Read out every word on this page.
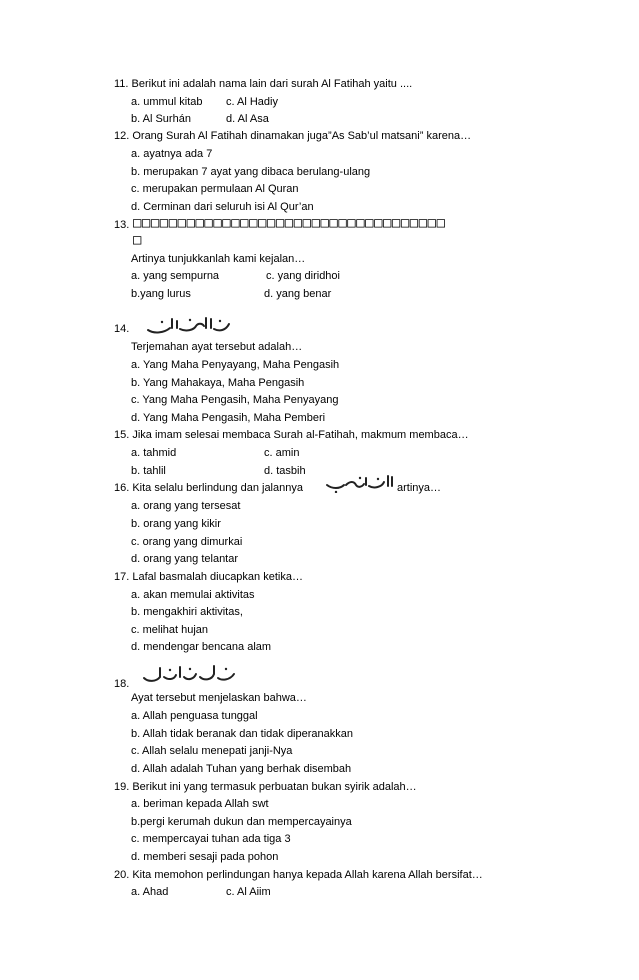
11. Berikut ini adalah nama lain dari surah Al Fatihah yaitu ....
a. ummul kitab c. Al Hadiy
b. Al Surhán	d. Al Asa
12. Orang Surah Al Fatihah dinamakan juga”As Sab’ul matsani” karena…
a. ayatnya ada 7
b. merupakan 7 ayat yang dibaca berulang-ulang
c. merupakan permulaan Al Quran
d. Cerminan dari seluruh isi Al Qur’an
13. □□□□□□□□□□□□□□□□□□□□□□□□□□□□□□□□□□□
□
Artinya tunjukkanlah kami kejalan…
a. yang sempurna	c. yang diridhoi
b.yang lurus	d. yang benar
14.
Terjemahan ayat tersebut adalah…
a. Yang Maha Penyayang, Maha Pengasih
b. Yang Mahakaya, Maha Pengasih
c. Yang Maha Pengasih, Maha Penyayang
d. Yang Maha Pengasih, Maha Pemberi
15. Jika imam selesai membaca Surah al-Fatihah, makmum membaca…
a. tahmid	c. amin
b. tahlil	d. tasbih
16. Kita selalu berlindung dan jalannya	artinya…
a. orang yang tersesat
b. orang yang kikir
c. orang yang dimurkai
d. orang yang telantar
17. Lafal basmalah diucapkan ketika…
a. akan memulai aktivitas
b. mengakhiri aktivitas,
c. melihat hujan
d. mendengar bencana alam
18.
Ayat tersebut menjelaskan bahwa…
a. Allah penguasa tunggal
b. Allah tidak beranak dan tidak diperanakkan
c. Allah selalu menepati janji-Nya
d. Allah adalah Tuhan yang berhak disembah
19. Berikut ini yang termasuk perbuatan bukan syirik adalah…
a. beriman kepada Allah swt
b.pergi kerumah dukun dan mempercayainya
c. mempercayai tuhan ada tiga 3
d. memberi sesaji pada pohon
20. Kita memohon perlindungan hanya kepada Allah karena Allah bersifat…
a. Ahad	c. Al Aiim
